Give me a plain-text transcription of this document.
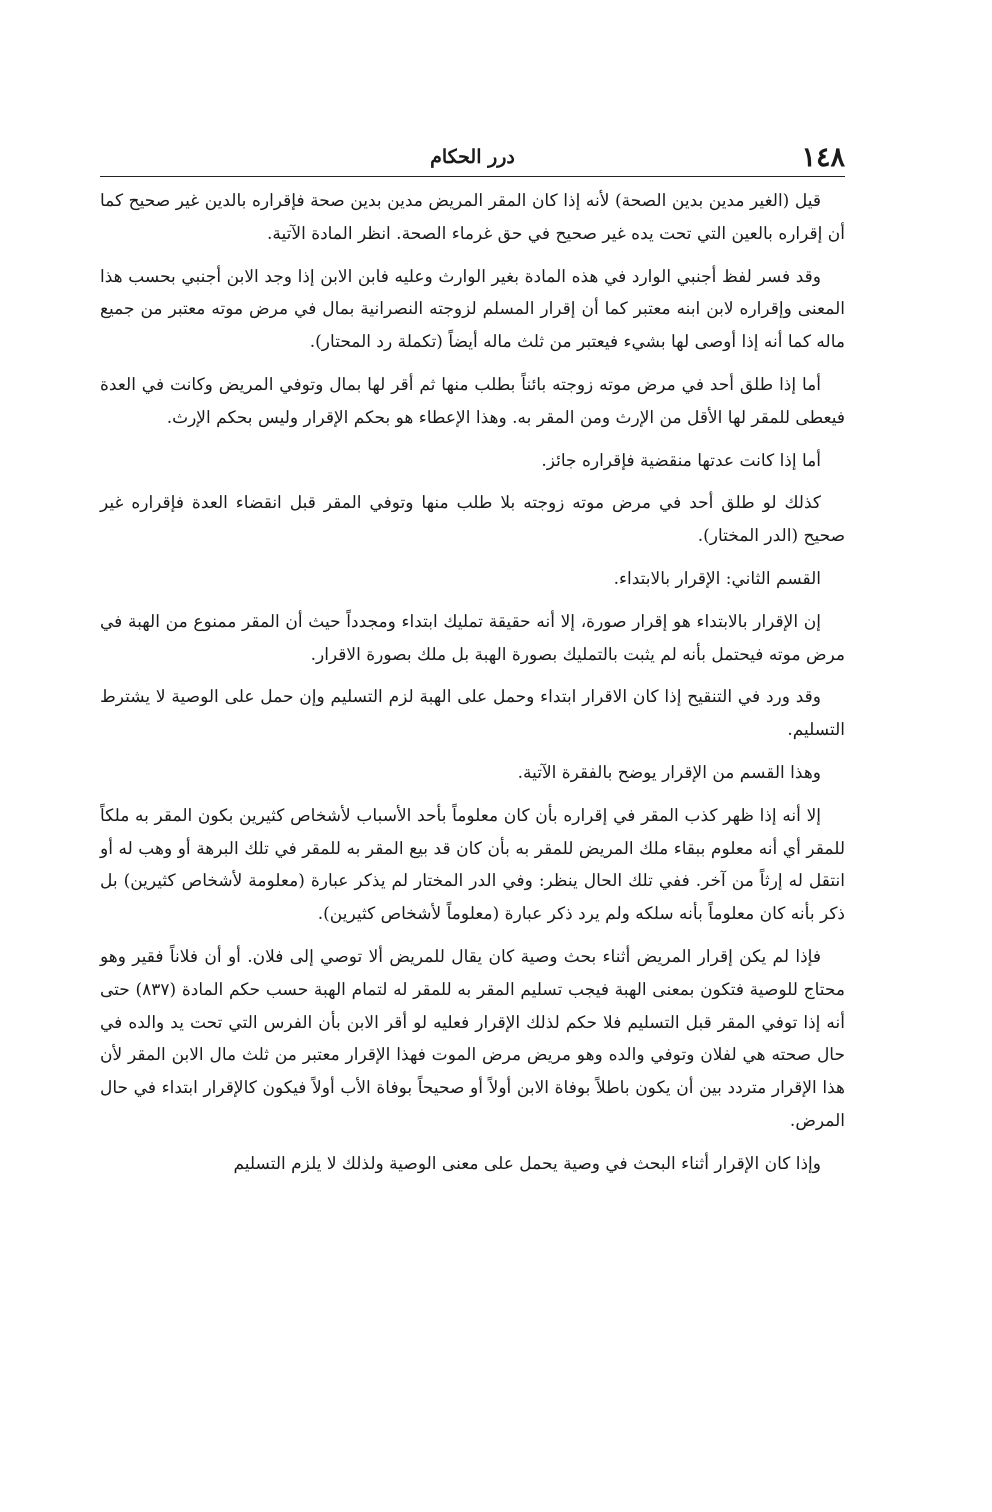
١٤٨
درر الحكام

قيل (الغير مدين بدين الصحة) لأنه إذا كان المقر المريض مدين بدين صحة فإقراره بالدين غير صحيح كما أن إقراره بالعين التي تحت يده غير صحيح في حق غرماء الصحة. انظر المادة الآتية.

وقد فسر لفظ أجنبي الوارد في هذه المادة بغير الوارث وعليه فابن الابن إذا وجد الابن أجنبي بحسب هذا المعنى وإقراره لابن ابنه معتبر كما أن إقرار المسلم لزوجته النصرانية بمال في مرض موته معتبر من جميع ماله كما أنه إذا أوصى لها بشيء فيعتبر من ثلث ماله أيضاً (تكملة رد المحتار).

أما إذا طلق أحد في مرض موته زوجته بائناً بطلب منها ثم أقر لها بمال وتوفي المريض وكانت في العدة فيعطى للمقر لها الأقل من الإرث ومن المقر به. وهذا الإعطاء هو بحكم الإقرار وليس بحكم الإرث.

أما إذا كانت عدتها منقضية فإقراره جائز.

كذلك لو طلق أحد في مرض موته زوجته بلا طلب منها وتوفي المقر قبل انقضاء العدة فإقراره غير صحيح (الدر المختار).

القسم الثاني: الإقرار بالابتداء.

إن الإقرار بالابتداء هو إقرار صورة، إلا أنه حقيقة تمليك ابتداء ومجدداً حيث أن المقر ممنوع من الهبة في مرض موته فيحتمل بأنه لم يثبت بالتمليك بصورة الهبة بل ملك بصورة الاقرار.

وقد ورد في التنقيح إذا كان الاقرار ابتداء وحمل على الهبة لزم التسليم وإن حمل على الوصية لا يشترط التسليم.

وهذا القسم من الإقرار يوضح بالفقرة الآتية.

إلا أنه إذا ظهر كذب المقر في إقراره بأن كان معلوماً بأحد الأسباب لأشخاص كثيرين بكون المقر به ملكاً للمقر أي أنه معلوم ببقاء ملك المريض للمقر به بأن كان قد بيع المقر به للمقر في تلك البرهة أو وهب له أو انتقل له إرثاً من آخر. ففي تلك الحال ينظر: وفي الدر المختار لم يذكر عبارة (معلومة لأشخاص كثيرين) بل ذكر بأنه كان معلوماً بأنه سلكه ولم يرد ذكر عبارة (معلوماً لأشخاص كثيرين).

فإذا لم يكن إقرار المريض أثناء بحث وصية كان يقال للمريض ألا توصي إلى فلان. أو أن فلاناً فقير وهو محتاج للوصية فتكون بمعنى الهبة فيجب تسليم المقر به للمقر له لتمام الهبة حسب حكم المادة (٨٣٧) حتى أنه إذا توفي المقر قبل التسليم فلا حكم لذلك الإقرار فعليه لو أقر الابن بأن الفرس التي تحت يد والده في حال صحته هي لفلان وتوفي والده وهو مريض مرض الموت فهذا الإقرار معتبر من ثلث مال الابن المقر لأن هذا الإقرار متردد بين أن يكون باطلاً بوفاة الابن أولاً أو صحيحاً بوفاة الأب أولاً فيكون كالإقرار ابتداء في حال المرض.

وإذا كان الإقرار أثناء البحث في وصية يحمل على معنى الوصية ولذلك لا يلزم التسليم
